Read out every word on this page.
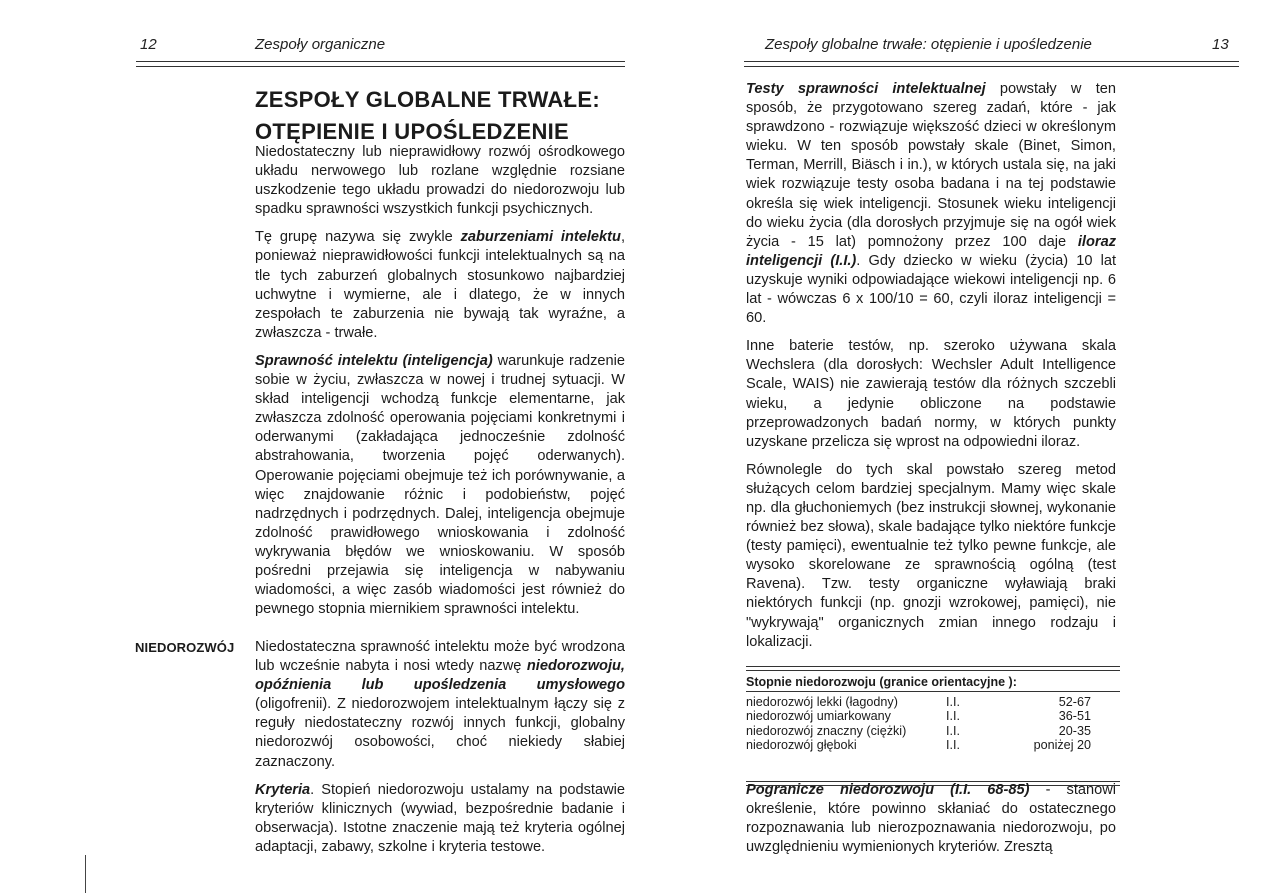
12	Zespoły organiczne
ZESPOŁY GLOBALNE TRWAŁE:
OTĘPIENIE I UPOŚLEDZENIE

Niedostateczny lub nieprawidłowy rozwój ośrodkowego układu nerwowego lub rozlane względnie rozsiane uszkodzenie tego układu prowadzi do niedorozwoju lub spadku sprawności wszystkich funkcji psychicznych.

Tę grupę nazywa się zwykle zaburzeniami intelektu, ponieważ nieprawidłowości funkcji intelektualnych są na tle tych zaburzeń globalnych stosunkowo najbardziej uchwytne i wymierne, ale i dlatego, że w innych zespołach te zaburzenia nie bywają tak wyraźne, a zwłaszcza - trwałe.

Sprawność intelektu (inteligencja) warunkuje radzenie sobie w życiu, zwłaszcza w nowej i trudnej sytuacji. W skład inteligencji wchodzą funkcje elementarne, jak zwłaszcza zdolność operowania pojęciami konkretnymi i oderwanymi (zakładająca jednocześnie zdolność abstrahowania, tworzenia pojęć oderwanych). Operowanie pojęciami obejmuje też ich porównywanie, a więc znajdowanie różnic i podobieństw, pojęć nadrzędnych i podrzędnych. Dalej, inteligencja obejmuje zdolność prawidłowego wnioskowania i zdolność wykrywania błędów we wnioskowaniu. W sposób pośredni przejawia się inteligencja w nabywaniu wiadomości, a więc zasób wiadomości jest również do pewnego stopnia miernikiem sprawności intelektu.

NIEDOROZWÓJ Niedostateczna sprawność intelektu może być wrodzona lub wcześnie nabyta i nosi wtedy nazwę niedorozwoju, opóźnienia lub upośledzenia umysłowego (oligofrenii). Z niedorozwojem intelektualnym łączy się z reguły niedostateczny rozwój innych funkcji, globalny niedorozwój osobowości, choć niekiedy słabiej zaznaczony.

Kryteria. Stopień niedorozwoju ustalamy na podstawie kryteriów klinicznych (wywiad, bezpośrednie badanie i obserwacja). Istotne znaczenie mają też kryteria ogólnej adaptacji, zabawy, szkolne i kryteria testowe.

Zespoły globalne trwałe: otępienie i upośledzenie	13

Testy sprawności intelektualnej powstały w ten sposób, że przygotowano szereg zadań, które - jak sprawdzono - rozwiązuje większość dzieci w określonym wieku. W ten sposób powstały skale (Binet, Simon, Terman, Merrill, Biäsch i in.), w których ustala się, na jaki wiek rozwiązuje testy osoba badana i na tej podstawie określa się wiek inteligencji. Stosunek wieku inteligencji do wieku życia (dla dorosłych przyjmuje się na ogół wiek życia - 15 lat) pomnożony przez 100 daje iloraz inteligencji (I.I.). Gdy dziecko w wieku (życia) 10 lat uzyskuje wyniki odpowiadające wiekowi inteligencji np. 6 lat - wówczas 6 x 100/10 = 60, czyli iloraz inteligencji = 60.

Inne baterie testów, np. szeroko używana skala Wechslera (dla dorosłych: Wechsler Adult Intelligence Scale, WAIS) nie zawierają testów dla różnych szczebli wieku, a jedynie obliczone na podstawie przeprowadzonych badań normy, w których punkty uzyskane przelicza się wprost na odpowiedni iloraz.

Równolegle do tych skal powstało szereg metod służących celom bardziej specjalnym. Mamy więc skale np. dla głuchoniemych (bez instrukcji słownej, wykonanie również bez słowa), skale badające tylko niektóre funkcje (testy pamięci), ewentualnie też tylko pewne funkcje, ale wysoko skorelowane ze sprawnością ogólną (test Ravena). Tzw. testy organiczne wyławiają braki niektórych funkcji (np. gnozji wzrokowej, pamięci), nie "wykrywają" organicznych zmian innego rodzaju i lokalizacji.

Stopnie niedorozwoju (granice orientacyjne ):
niedorozwój lekki (łagodny)	I.I.	52-67
niedorozwój umiarkowany	I.I.	36-51
niedorozwój znaczny (ciężki)	I.I.	20-35
niedorozwój głęboki	I.I.	poniżej 20

Pogranicze niedorozwoju (I.I. 68-85) - stanowi określenie, które powinno skłaniać do ostatecznego rozpoznawania lub nierozpoznawania niedorozwoju, po uwzględnieniu wymienionych kryteriów. Zresztą
